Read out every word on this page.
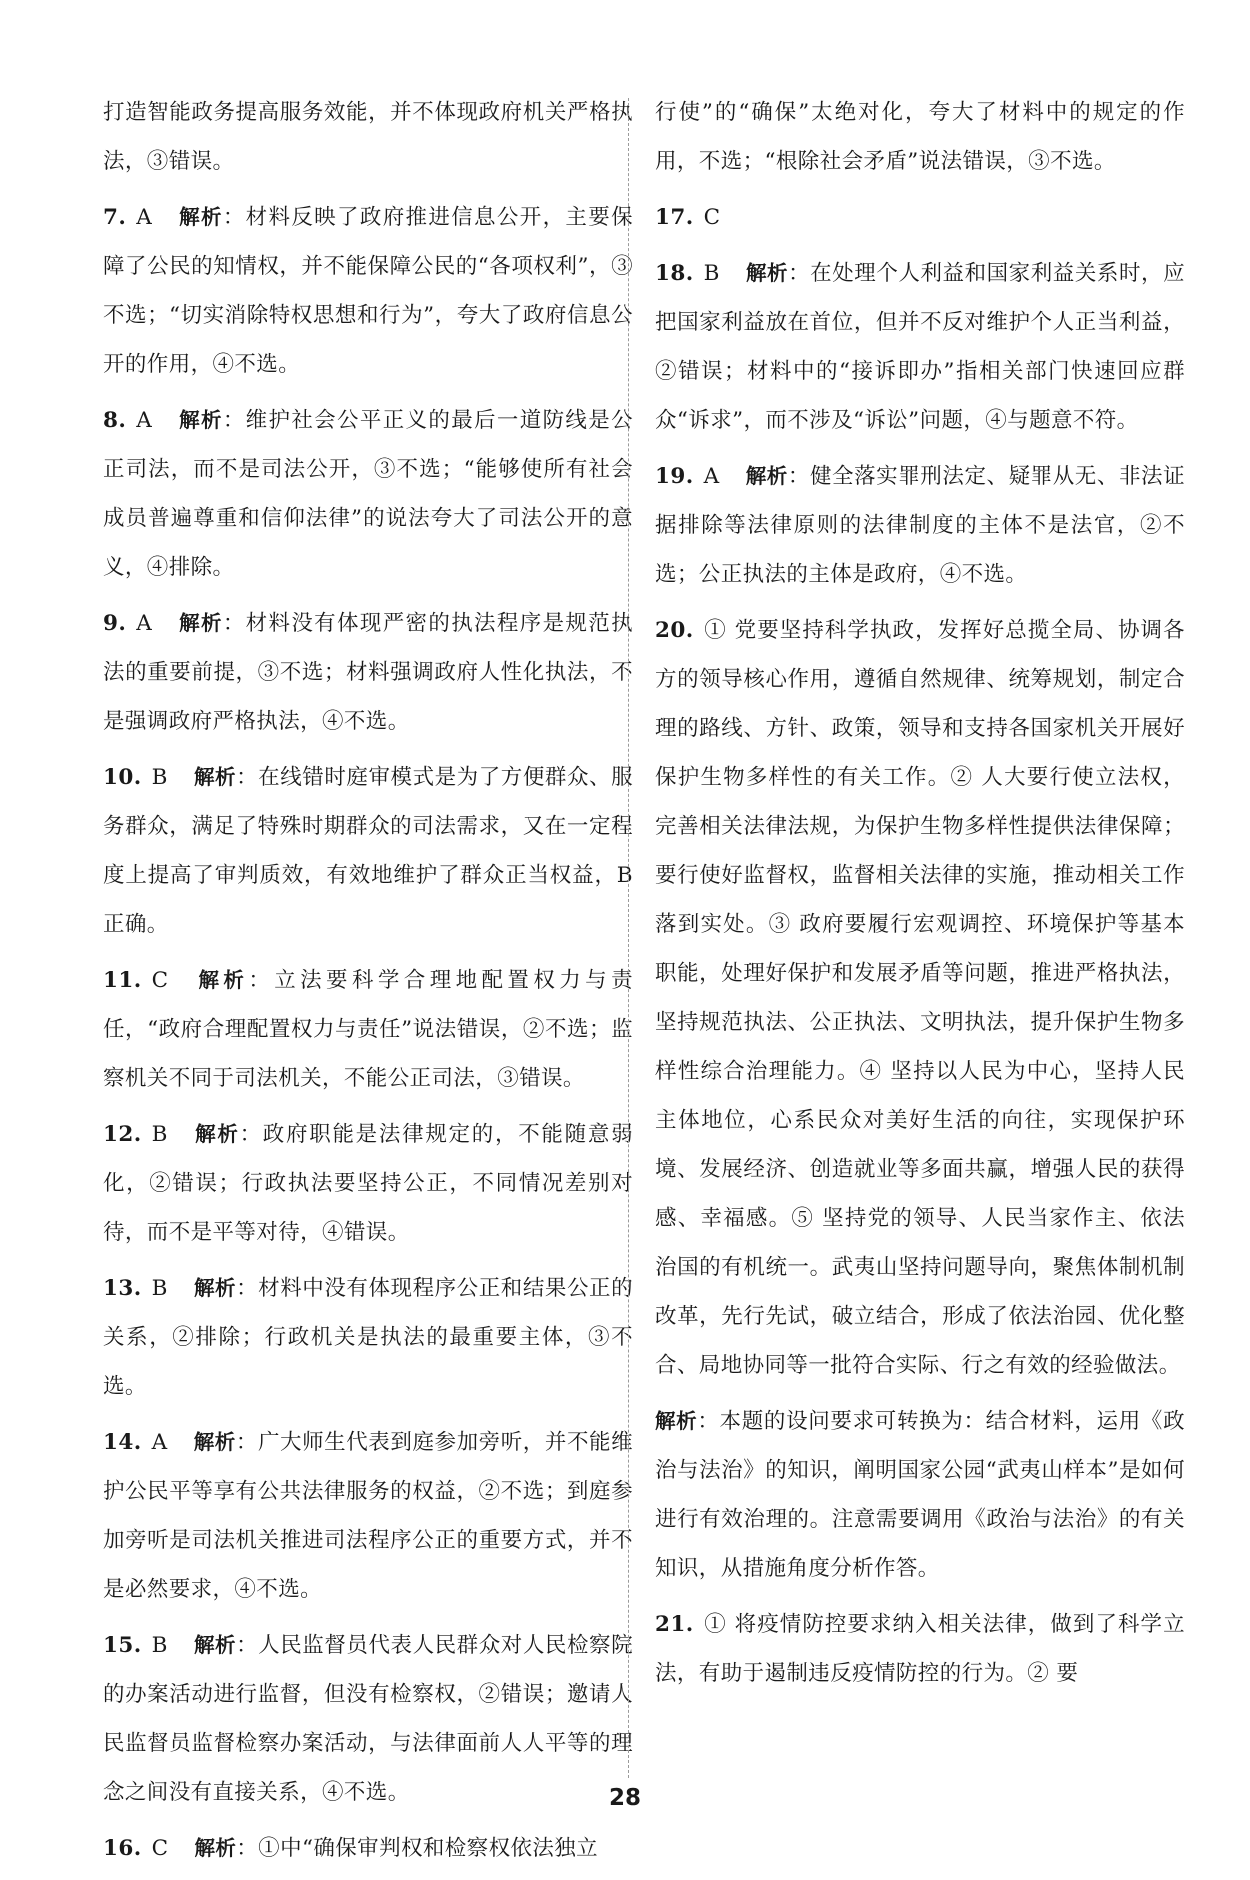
打造智能政务提高服务效能，并不体现政府机关严格执法，③错误。

7. A 解析：材料反映了政府推进信息公开，主要保障了公民的知情权，并不能保障公民的“各项权利”，③不选；“切实消除特权思想和行为”，夸大了政府信息公开的作用，④不选。

8. A 解析：维护社会公平正义的最后一道防线是公正司法，而不是司法公开，③不选；“能够使所有社会成员普遍尊重和信仰法律”的说法夸大了司法公开的意义，④排除。

9. A 解析：材料没有体现严密的执法程序是规范执法的重要前提，③不选；材料强调政府人性化执法，不是强调政府严格执法，④不选。

10. B 解析：在线错时庭审模式是为了方便群众、服务群众，满足了特殊时期群众的司法需求，又在一定程度上提高了审判质效，有效地维护了群众正当权益，B正确。

11. C 解析：立法要科学合理地配置权力与责任，“政府合理配置权力与责任”说法错误，②不选；监察机关不同于司法机关，不能公正司法，③错误。

12. B 解析：政府职能是法律规定的，不能随意弱化，②错误；行政执法要坚持公正，不同情况差别对待，而不是平等对待，④错误。

13. B 解析：材料中没有体现程序公正和结果公正的关系，②排除；行政机关是执法的最重要主体，③不选。

14. A 解析：广大师生代表到庭参加旁听，并不能维护公民平等享有公共法律服务的权益，②不选；到庭参加旁听是司法机关推进司法程序公正的重要方式，并不是必然要求，④不选。

15. B 解析：人民监督员代表人民群众对人民检察院的办案活动进行监督，但没有检察权，②错误；邀请人民监督员监督检察办案活动，与法律面前人人平等的理念之间没有直接关系，④不选。

16. C 解析：①中“确保审判权和检察权依法独立

行使”的“确保”太绝对化，夸大了材料中的规定的作用，不选；“根除社会矛盾”说法错误，③不选。

17. C

18. B 解析：在处理个人利益和国家利益关系时，应把国家利益放在首位，但并不反对维护个人正当利益，②错误；材料中的“接诉即办”指相关部门快速回应群众“诉求”，而不涉及“诉讼”问题，④与题意不符。

19. A 解析：健全落实罪刑法定、疑罪从无、非法证据排除等法律原则的法律制度的主体不是法官，②不选；公正执法的主体是政府，④不选。

20. ① 党要坚持科学执政，发挥好总揽全局、协调各方的领导核心作用，遵循自然规律、统筹规划，制定合理的路线、方针、政策，领导和支持各国家机关开展好保护生物多样性的有关工作。② 人大要行使立法权，完善相关法律法规，为保护生物多样性提供法律保障；要行使好监督权，监督相关法律的实施，推动相关工作落到实处。③ 政府要履行宏观调控、环境保护等基本职能，处理好保护和发展矛盾等问题，推进严格执法，坚持规范执法、公正执法、文明执法，提升保护生物多样性综合治理能力。④ 坚持以人民为中心，坚持人民主体地位，心系民众对美好生活的向往，实现保护环境、发展经济、创造就业等多面共赢，增强人民的获得感、幸福感。⑤ 坚持党的领导、人民当家作主、依法治国的有机统一。武夷山坚持问题导向，聚焦体制机制改革，先行先试，破立结合，形成了依法治园、优化整合、局地协同等一批符合实际、行之有效的经验做法。

解析：本题的设问要求可转换为：结合材料，运用《政治与法治》的知识，阐明国家公园“武夷山样本”是如何进行有效治理的。注意需要调用《政治与法治》的有关知识，从措施角度分析作答。

21. ① 将疫情防控要求纳入相关法律，做到了科学立法，有助于遏制违反疫情防控的行为。② 要

28
